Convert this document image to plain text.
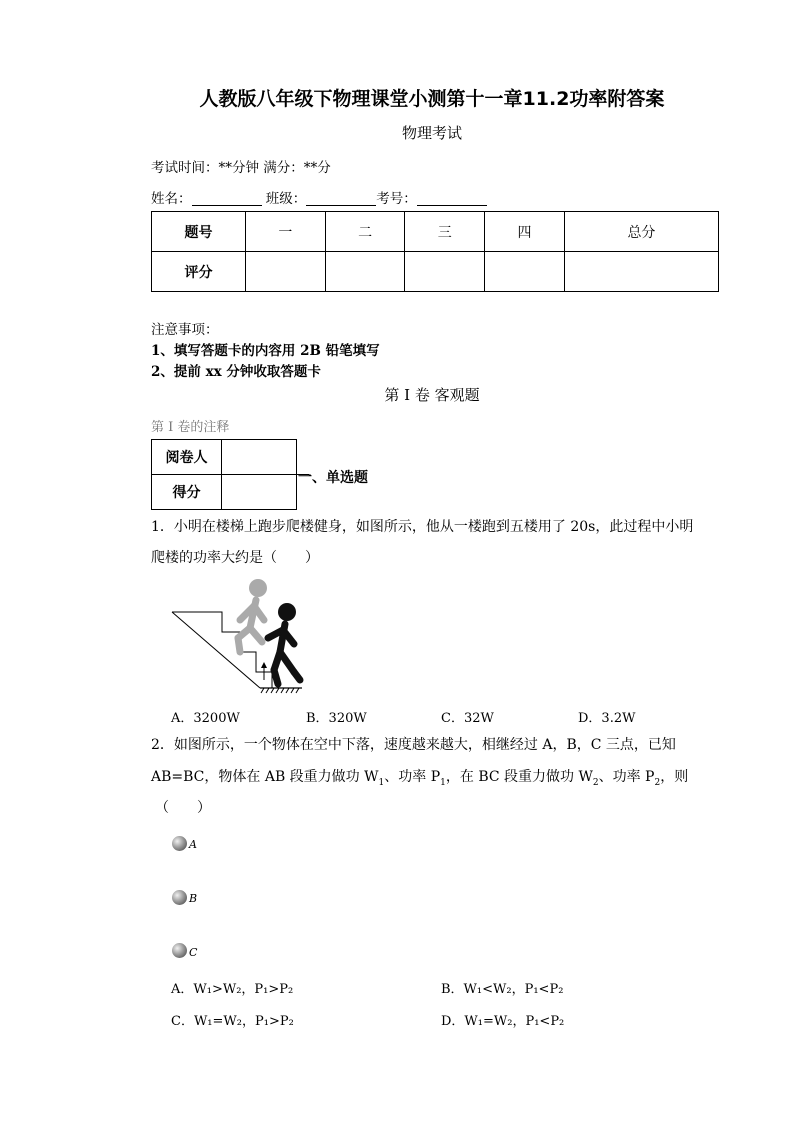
人教版八年级下物理课堂小测第十一章11.2功率附答案
物理考试
考试时间：**分钟 满分：**分
姓名：	班级：	考号：
题号	一	二	三	四	总分
评分					
注意事项：
1、填写答题卡的内容用 2B 铅笔填写
2、提前 xx 分钟收取答题卡
第 I 卷 客观题
第 I 卷的注释
阅卷人	
得分	
一、单选题
1．小明在楼梯上跑步爬楼健身，如图所示，他从一楼跑到五楼用了 20s，此过程中小明
爬楼的功率大约是（　　）
A．3200W	B．320W	C．32W	D．3.2W
2．如图所示，一个物体在空中下落，速度越来越大，相继经过 A，B，C 三点，已知
AB=BC，物体在 AB 段重力做功 $W_1$、功率 $P_1$，在 BC 段重力做功 $W_2$、功率 $P_2$，则
（　　）
A
B
C
A．W₁>W₂，P₁>P₂	B．W₁<W₂，P₁<P₂
C．W₁=W₂，P₁>P₂	D．W₁=W₂，P₁<P₂
